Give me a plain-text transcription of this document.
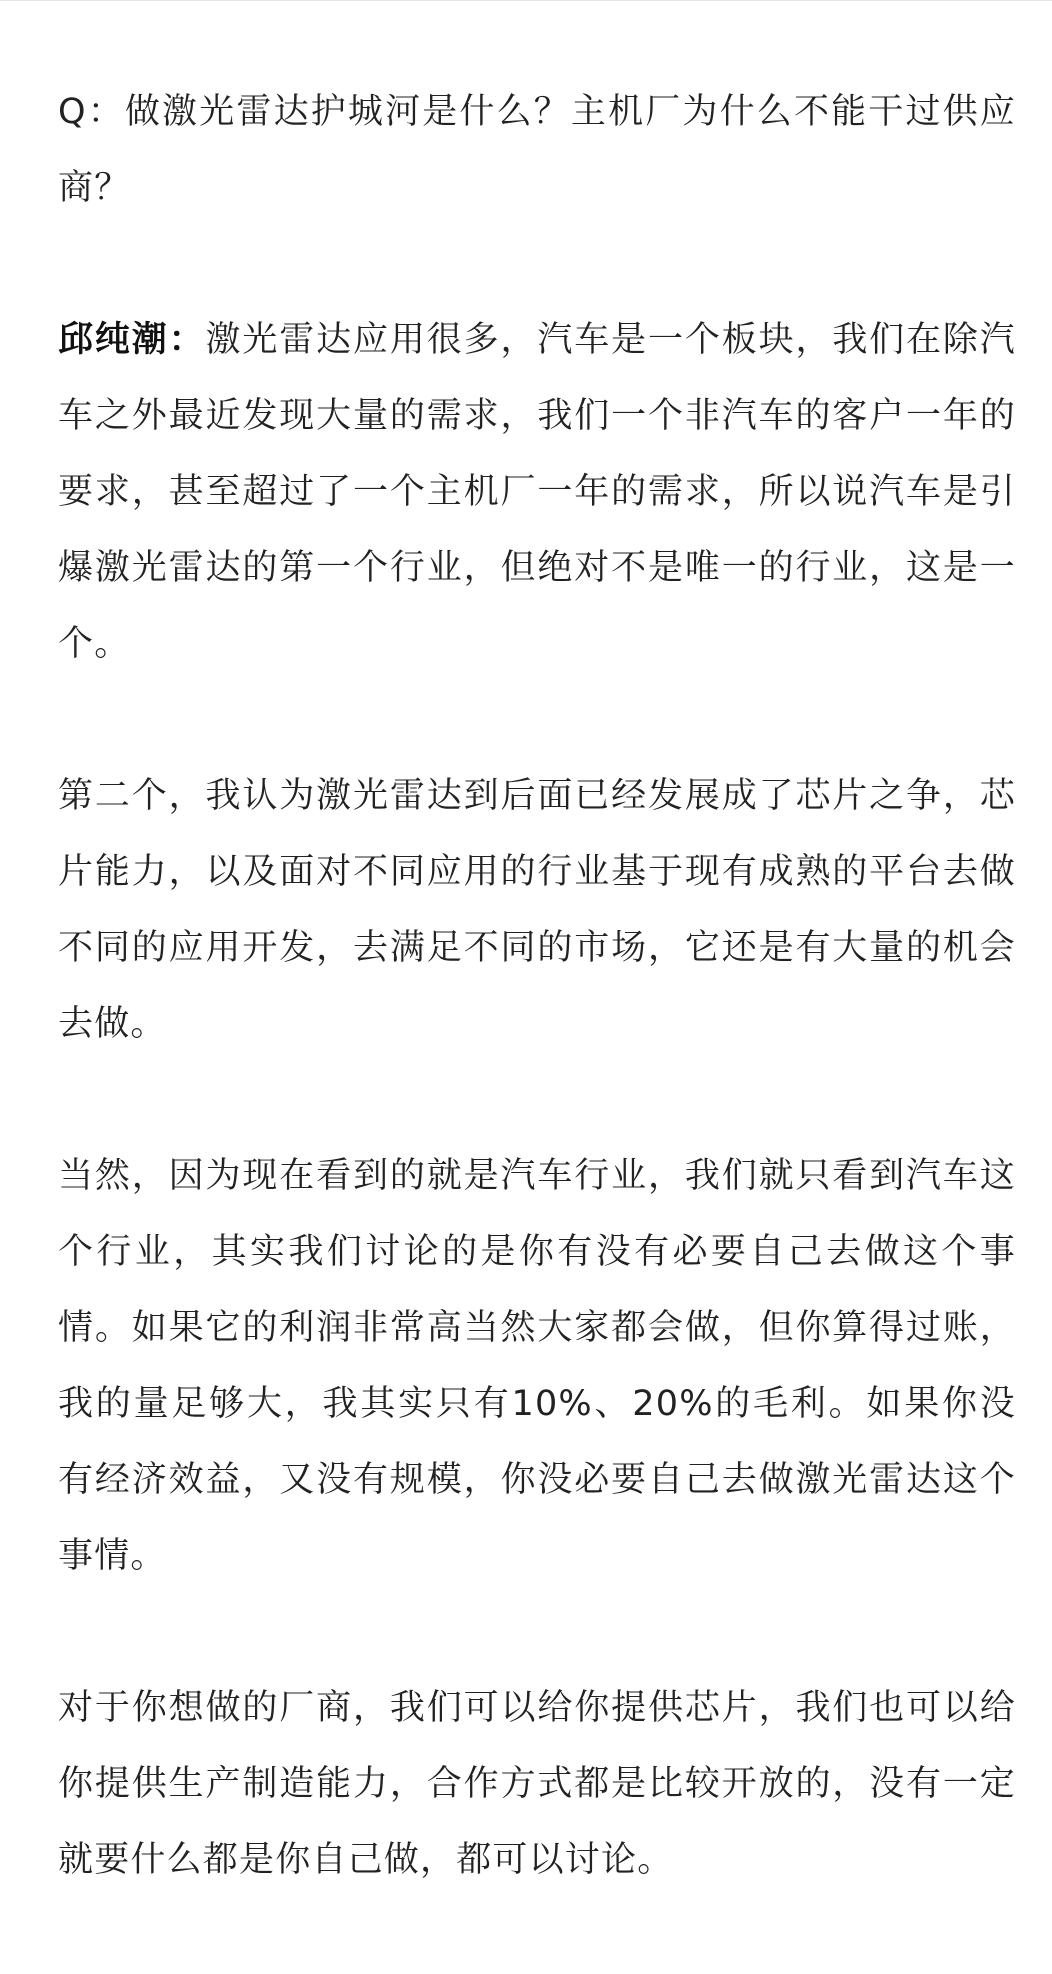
Q：做激光雷达护城河是什么？主机厂为什么不能干过供应商？

邱纯潮：激光雷达应用很多，汽车是一个板块，我们在除汽车之外最近发现大量的需求，我们一个非汽车的客户一年的要求，甚至超过了一个主机厂一年的需求，所以说汽车是引爆激光雷达的第一个行业，但绝对不是唯一的行业，这是一个。

第二个，我认为激光雷达到后面已经发展成了芯片之争，芯片能力，以及面对不同应用的行业基于现有成熟的平台去做不同的应用开发，去满足不同的市场，它还是有大量的机会去做。

当然，因为现在看到的就是汽车行业，我们就只看到汽车这个行业，其实我们讨论的是你有没有必要自己去做这个事情。如果它的利润非常高当然大家都会做，但你算得过账，我的量足够大，我其实只有10%、20%的毛利。如果你没有经济效益，又没有规模，你没必要自己去做激光雷达这个事情。

对于你想做的厂商，我们可以给你提供芯片，我们也可以给你提供生产制造能力，合作方式都是比较开放的，没有一定就要什么都是你自己做，都可以讨论。
